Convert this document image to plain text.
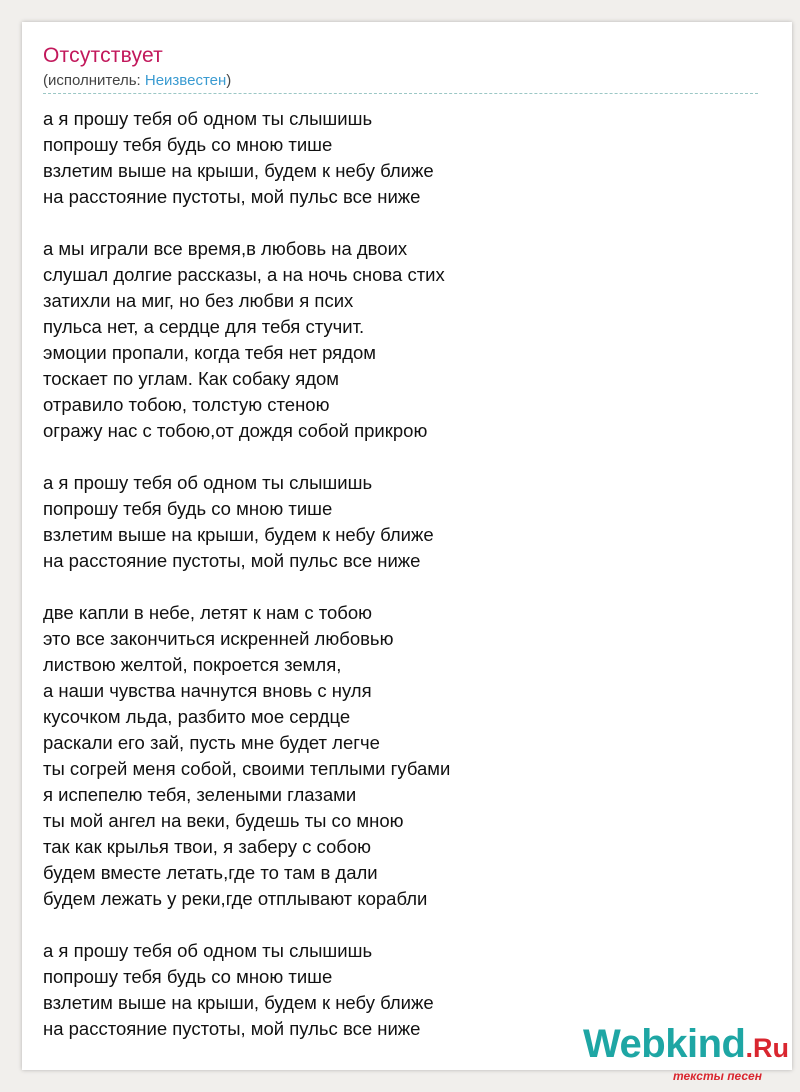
Отсутствует
(исполнитель: Неизвестен)
а я прошу тебя об одном ты слышишь
попрошу тебя будь со мною тише
взлетим выше на крыши, будем к небу ближе
на расстояние пустоты, мой пульс все ниже
а мы играли все время,в любовь на двоих
слушал долгие рассказы, а на ночь снова стих
затихли на миг, но без любви я псих
пульса нет, а сердце для тебя стучит.
эмоции пропали, когда тебя нет рядом
тоскает по углам. Как собаку ядом
отравило тобою, толстую стеною
огражу нас с тобою,от дождя собой прикрою
а я прошу тебя об одном ты слышишь
попрошу тебя будь со мною тише
взлетим выше на крыши, будем к небу ближе
на расстояние пустоты, мой пульс все ниже
две капли в небе, летят к нам с тобою
это все закончиться искренней любовью
листвою желтой, покроется земля,
а наши чувства начнутся вновь с нуля
кусочком льда, разбито мое сердце
раскали его зай, пусть мне будет легче
ты согрей меня собой, своими теплыми губами
я испепелю тебя, зелеными глазами
ты мой ангел на веки, будешь ты со мною
так как крылья твои, я заберу с собою
будем вместе летать,где то там в дали
будем лежать у реки,где отплывают корабли
а я прошу тебя об одном ты слышишь
попрошу тебя будь со мною тише
взлетим выше на крыши, будем к небу ближе
на расстояние пустоты, мой пульс все ниже	Webkind.Ru
тексты песен
